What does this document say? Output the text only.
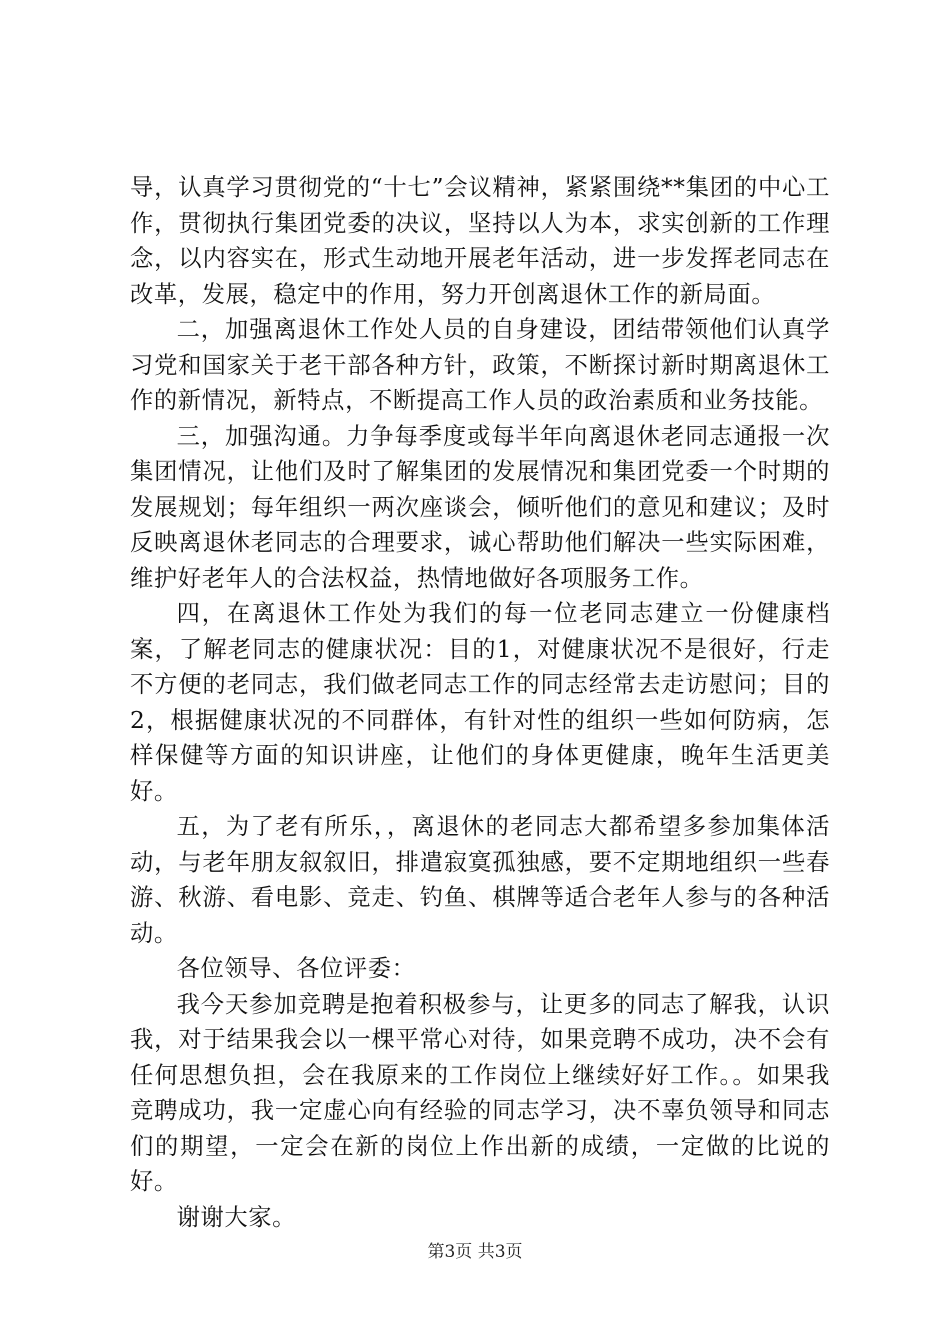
导，认真学习贯彻党的“十七”会议精神，紧紧围绕**集团的中心工作，贯彻执行集团党委的决议，坚持以人为本，求实创新的工作理念，以内容实在，形式生动地开展老年活动，进一步发挥老同志在改革，发展，稳定中的作用，努力开创离退休工作的新局面。

二，加强离退休工作处人员的自身建设，团结带领他们认真学习党和国家关于老干部各种方针，政策，不断探讨新时期离退休工作的新情况，新特点，不断提高工作人员的政治素质和业务技能。

三，加强沟通。力争每季度或每半年向离退休老同志通报一次集团情况，让他们及时了解集团的发展情况和集团党委一个时期的发展规划；每年组织一两次座谈会，倾听他们的意见和建议；及时反映离退休老同志的合理要求，诚心帮助他们解决一些实际困难，维护好老年人的合法权益，热情地做好各项服务工作。

四，在离退休工作处为我们的每一位老同志建立一份健康档案，了解老同志的健康状况：目的1，对健康状况不是很好，行走不方便的老同志，我们做老同志工作的同志经常去走访慰问；目的2，根据健康状况的不同群体，有针对性的组织一些如何防病，怎样保健等方面的知识讲座，让他们的身体更健康，晚年生活更美好。

五，为了老有所乐，，离退休的老同志大都希望多参加集体活动，与老年朋友叙叙旧，排遣寂寞孤独感，要不定期地组织一些春游、秋游、看电影、竞走、钓鱼、棋牌等适合老年人参与的各种活动。

各位领导、各位评委：

我今天参加竞聘是抱着积极参与，让更多的同志了解我，认识我，对于结果我会以一棵平常心对待，如果竞聘不成功，决不会有任何思想负担，会在我原来的工作岗位上继续好好工作。。如果我竞聘成功，我一定虚心向有经验的同志学习，决不辜负领导和同志们的期望，一定会在新的岗位上作出新的成绩，一定做的比说的好。

谢谢大家。

第3页 共3页
